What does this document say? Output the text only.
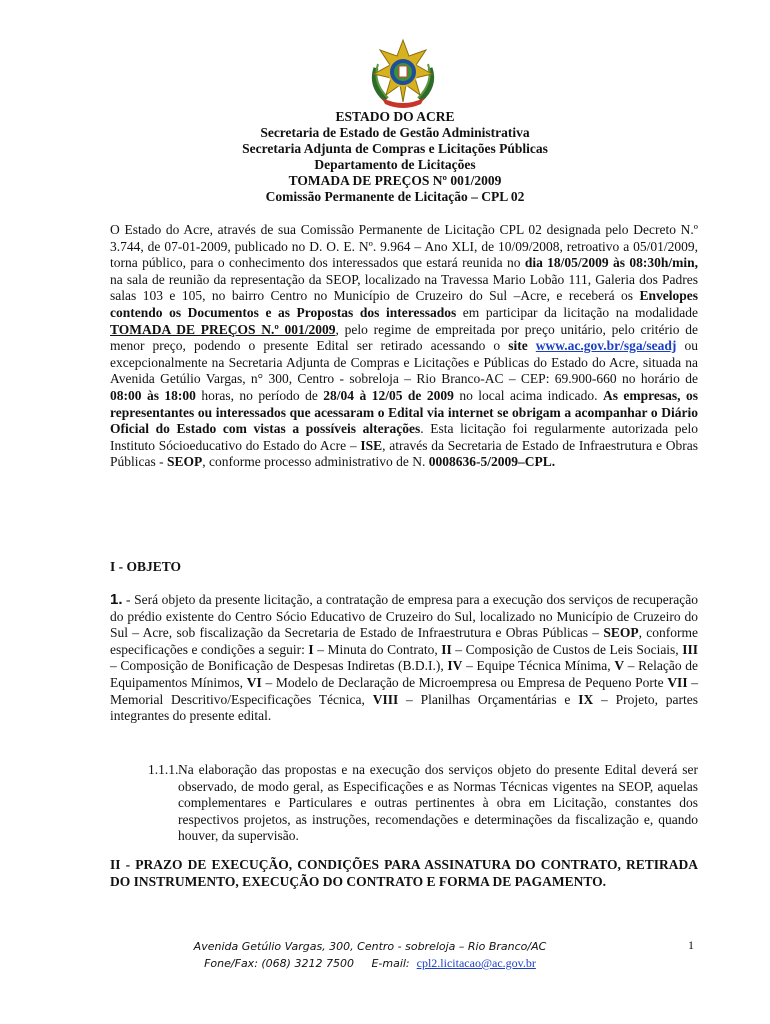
ESTADO DO ACRE
Secretaria de Estado de Gestão Administrativa
Secretaria Adjunta de Compras e Licitações Públicas
Departamento de Licitações
TOMADA DE PREÇOS Nº 001/2009
Comissão Permanente de Licitação – CPL 02
O Estado do Acre, através de sua Comissão Permanente de Licitação CPL 02 designada pelo Decreto N.º 3.744, de 07-01-2009, publicado no D. O. E. Nº. 9.964 – Ano XLI, de 10/09/2008, retroativo a 05/01/2009, torna público, para o conhecimento dos interessados que estará reunida no dia 18/05/2009 às 08:30h/min, na sala de reunião da representação da SEOP, localizado na Travessa Mario Lobão 111, Galeria dos Padres salas 103 e 105, no bairro Centro no Município de Cruzeiro do Sul –Acre, e receberá os Envelopes contendo os Documentos e as Propostas dos interessados em participar da licitação na modalidade TOMADA DE PREÇOS N.º 001/2009, pelo regime de empreitada por preço unitário, pelo critério de menor preço, podendo o presente Edital ser retirado acessando o site www.ac.gov.br/sga/seadj ou excepcionalmente na Secretaria Adjunta de Compras e Licitações e Públicas do Estado do Acre, situada na Avenida Getúlio Vargas, n° 300, Centro - sobreloja – Rio Branco-AC – CEP: 69.900-660 no horário de 08:00 às 18:00 horas, no período de 28/04 à 12/05 de 2009 no local acima indicado. As empresas, os representantes ou interessados que acessaram o Edital via internet se obrigam a acompanhar o Diário Oficial do Estado com vistas a possíveis alterações. Esta licitação foi regularmente autorizada pelo Instituto Sócioeducativo do Estado do Acre – ISE, através da Secretaria de Estado de Infraestrutura e Obras Públicas - SEOP, conforme processo administrativo de N. 0008636-5/2009–CPL.
I - OBJETO
1. - Será objeto da presente licitação, a contratação de empresa para a execução dos serviços de recuperação do prédio existente do Centro Sócio Educativo de Cruzeiro do Sul, localizado no Município de Cruzeiro do Sul – Acre, sob fiscalização da Secretaria de Estado de Infraestrutura e Obras Públicas – SEOP, conforme especificações e condições a seguir: I – Minuta do Contrato, II – Composição de Custos de Leis Sociais, III – Composição de Bonificação de Despesas Indiretas (B.D.I.), IV – Equipe Técnica Mínima, V – Relação de Equipamentos Mínimos, VI – Modelo de Declaração de Microempresa ou Empresa de Pequeno Porte VII – Memorial Descritivo/Especificações Técnica, VIII – Planilhas Orçamentárias e IX – Projeto, partes integrantes do presente edital.
1.1.1. Na elaboração das propostas e na execução dos serviços objeto do presente Edital deverá ser observado, de modo geral, as Especificações e as Normas Técnicas vigentes na SEOP, aquelas complementares e Particulares e outras pertinentes à obra em Licitação, constantes dos respectivos projetos, as instruções, recomendações e determinações da fiscalização e, quando houver, da supervisão.
II - PRAZO DE EXECUÇÃO, CONDIÇÕES PARA ASSINATURA DO CONTRATO, RETIRADA DO INSTRUMENTO, EXECUÇÃO DO CONTRATO E FORMA DE PAGAMENTO.
Avenida Getúlio Vargas, 300, Centro - sobreloja – Rio Branco/AC
Fone/Fax: (068) 3212 7500 E-mail: cpl2.licitacao@ac.gov.br
1
